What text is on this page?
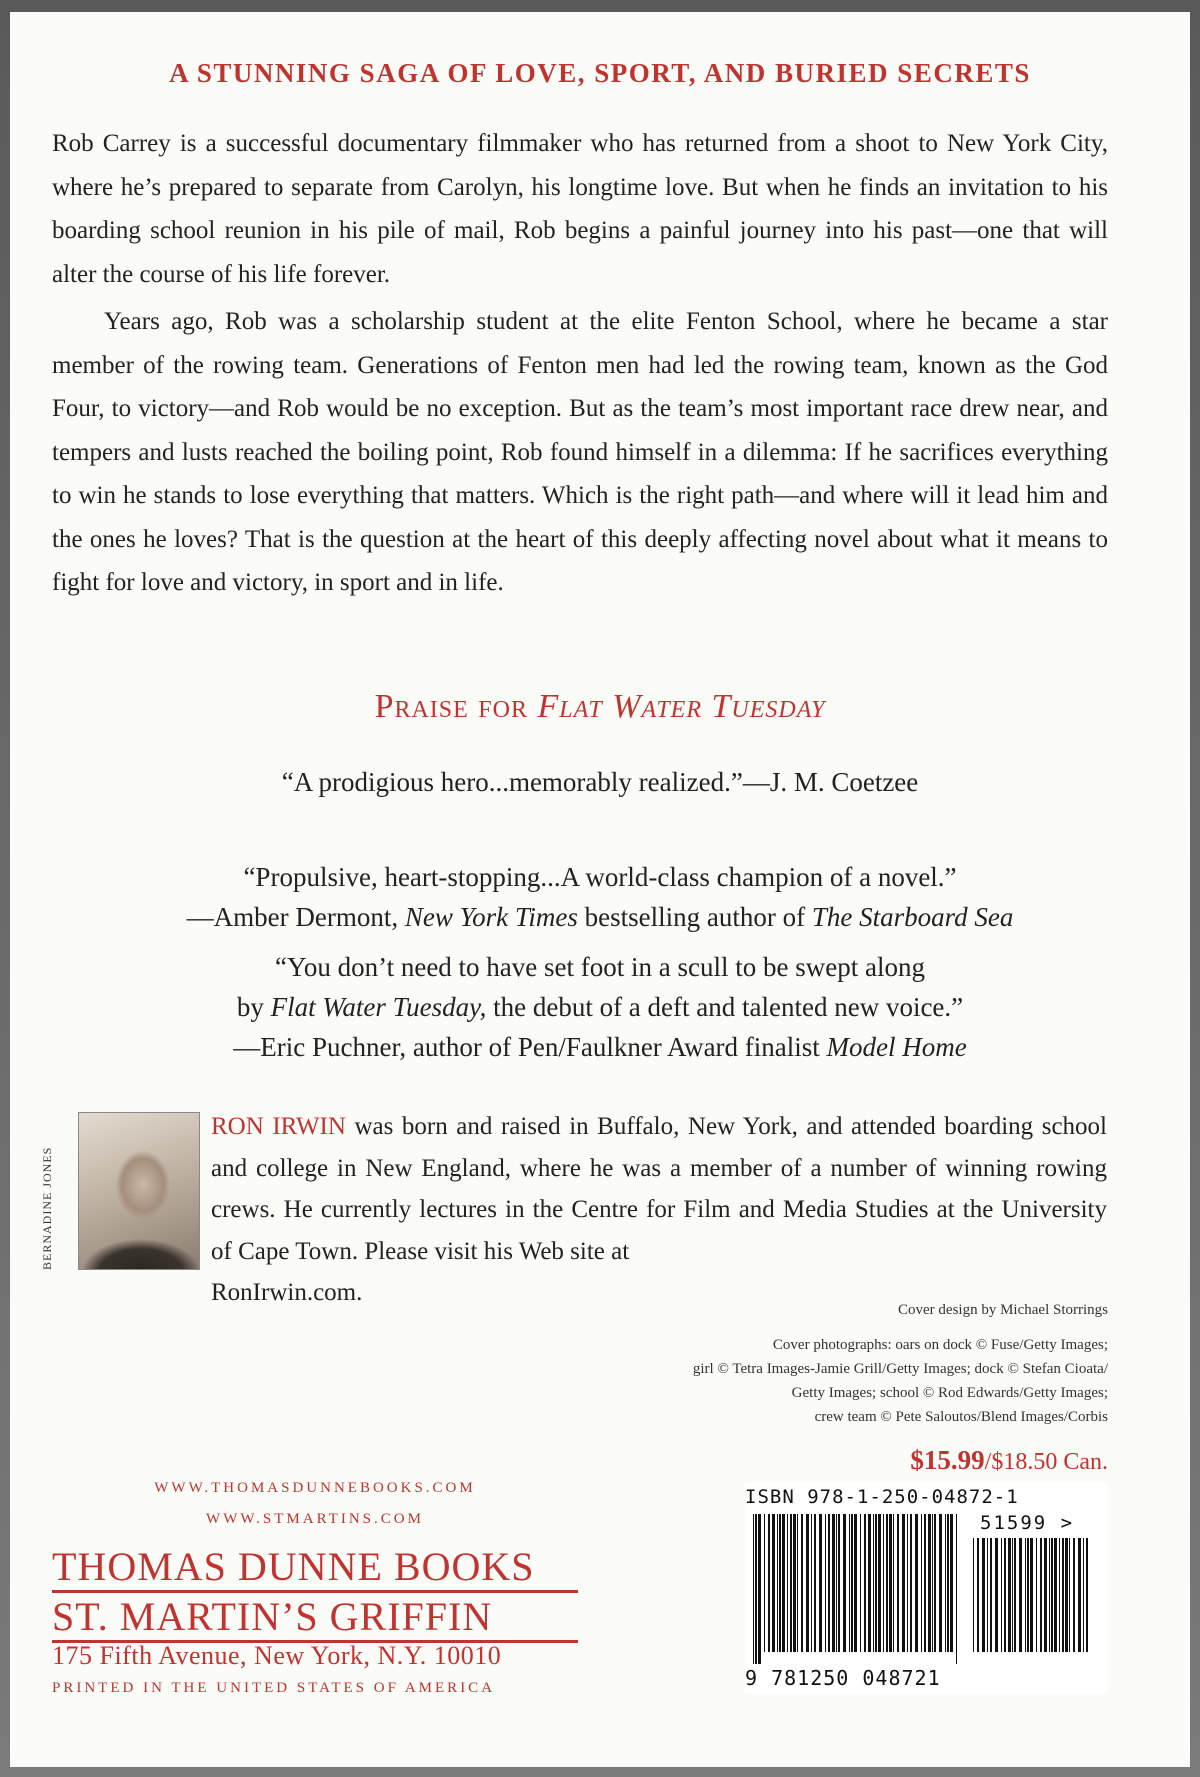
A STUNNING SAGA OF LOVE, SPORT, AND BURIED SECRETS

Rob Carrey is a successful documentary filmmaker who has returned from a shoot to New York City, where he’s prepared to separate from Carolyn, his longtime love. But when he finds an invitation to his boarding school reunion in his pile of mail, Rob begins a painful journey into his past—one that will alter the course of his life forever.

Years ago, Rob was a scholarship student at the elite Fenton School, where he became a star member of the rowing team. Generations of Fenton men had led the rowing team, known as the God Four, to victory—and Rob would be no exception. But as the team’s most important race drew near, and tempers and lusts reached the boiling point, Rob found himself in a dilemma: If he sacrifices everything to win he stands to lose everything that matters. Which is the right path—and where will it lead him and the ones he loves? That is the question at the heart of this deeply affecting novel about what it means to fight for love and victory, in sport and in life.

Praise for Flat Water Tuesday
“A prodigious hero...memorably realized.”—J. M. Coetzee
“Propulsive, heart-stopping...A world-class champion of a novel.”
—Amber Dermont, New York Times bestselling author of The Starboard Sea
“You don’t need to have set foot in a scull to be swept along
by Flat Water Tuesday, the debut of a deft and talented new voice.”
—Eric Puchner, author of Pen/Faulkner Award finalist Model Home
BERNADINE JONES
RON IRWIN was born and raised in Buffalo, New York, and attended boarding school and college in New England, where he was a member of a number of winning rowing crews. He currently lectures in the Centre for Film and Media Studies at the University of Cape Town. Please visit his Web site at
RonIrwin.com.
Cover design by Michael Storrings
Cover photographs: oars on dock © Fuse/Getty Images;
girl © Tetra Images-Jamie Grill/Getty Images; dock © Stefan Cioata/
Getty Images; school © Rod Edwards/Getty Images;
crew team © Pete Saloutos/Blend Images/Corbis
$15.99/$18.50 Can.
WWW.THOMASDUNNEBOOKS.COM
WWW.STMARTINS.COM
THOMAS DUNNE BOOKS
ST. MARTIN’S GRIFFIN
175 Fifth Avenue, New York, N.Y. 10010
PRINTED IN THE UNITED STATES OF AMERICA
ISBN 978-1-250-04872-1
51599 >
9 781250 048721
